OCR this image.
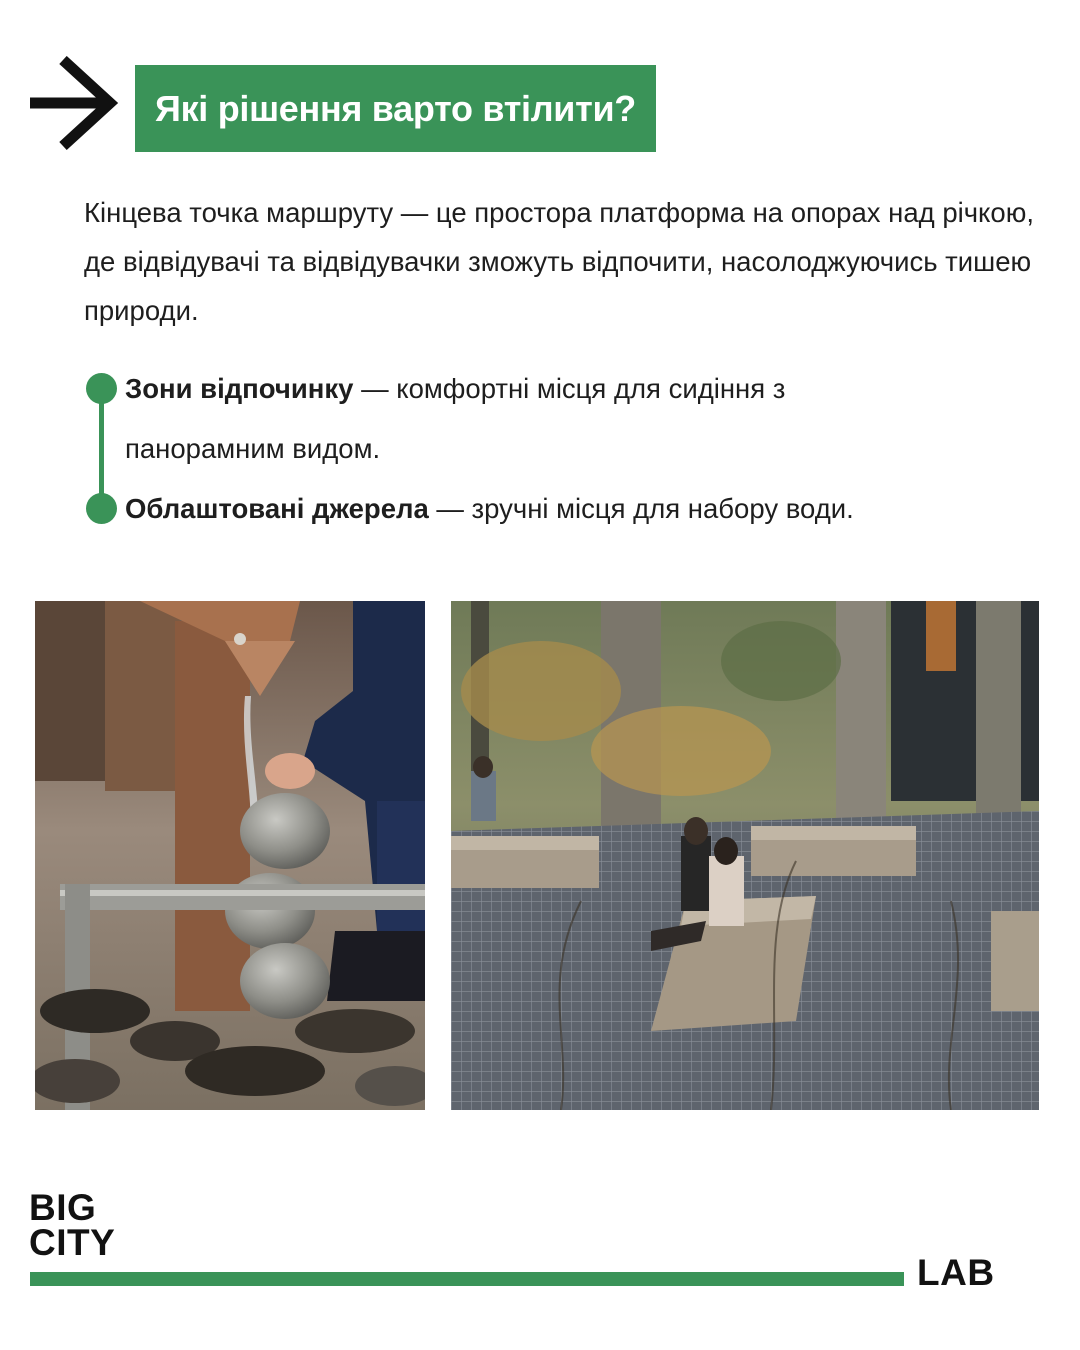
Які рішення варто втілити?

Кінцева точка маршруту — це простора платформа на опорах над річкою, де відвідувачі та відвідувачки зможуть відпочити, насолоджуючись тишею природи.

Зони відпочинку — комфортні місця для сидіння з
панорамним видом.

Облаштовані джерела — зручні місця для набору води.

BIG
CITY
LAB
